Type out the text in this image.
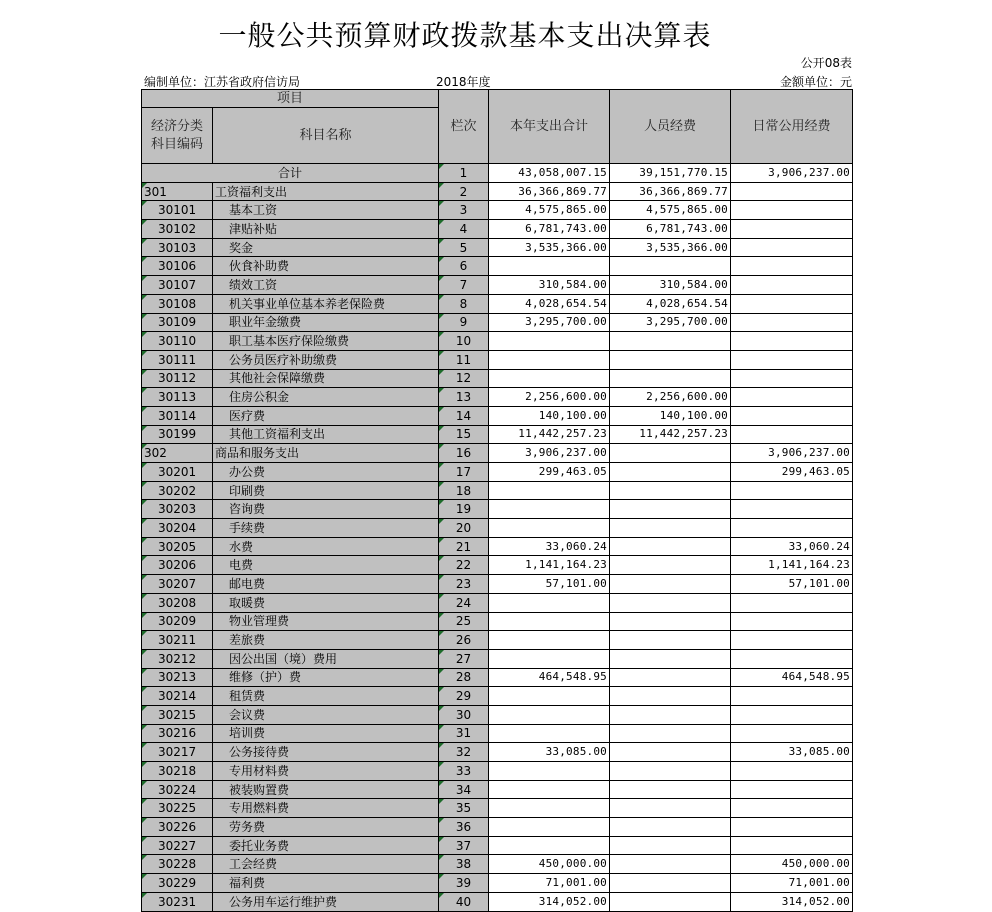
一般公共预算财政拨款基本支出决算表
公开08表
编制单位：江苏省政府信访局	2018年度	金额单位：元
项目		栏次	本年支出合计	人员经费	日常公用经费
经济分类科目编码	科目名称				
合计		1	43,058,007.15	39,151,770.15	3,906,237.00
301	工资福利支出	2	36,366,869.77	36,366,869.77	
30101	基本工资	3	4,575,865.00	4,575,865.00	
30102	津贴补贴	4	6,781,743.00	6,781,743.00	
30103	奖金	5	3,535,366.00	3,535,366.00	
30106	伙食补助费	6			
30107	绩效工资	7	310,584.00	310,584.00	
30108	机关事业单位基本养老保险费	8	4,028,654.54	4,028,654.54	
30109	职业年金缴费	9	3,295,700.00	3,295,700.00	
30110	职工基本医疗保险缴费	10			
30111	公务员医疗补助缴费	11			
30112	其他社会保障缴费	12			
30113	住房公积金	13	2,256,600.00	2,256,600.00	
30114	医疗费	14	140,100.00	140,100.00	
30199	其他工资福利支出	15	11,442,257.23	11,442,257.23	
302	商品和服务支出	16	3,906,237.00		3,906,237.00
30201	办公费	17	299,463.05		299,463.05
30202	印刷费	18			
30203	咨询费	19			
30204	手续费	20			
30205	水费	21	33,060.24		33,060.24
30206	电费	22	1,141,164.23		1,141,164.23
30207	邮电费	23	57,101.00		57,101.00
30208	取暖费	24			
30209	物业管理费	25			
30211	差旅费	26			
30212	因公出国（境）费用	27			
30213	维修（护）费	28	464,548.95		464,548.95
30214	租赁费	29			
30215	会议费	30			
30216	培训费	31			
30217	公务接待费	32	33,085.00		33,085.00
30218	专用材料费	33			
30224	被装购置费	34			
30225	专用燃料费	35			
30226	劳务费	36			
30227	委托业务费	37			
30228	工会经费	38	450,000.00		450,000.00
30229	福利费	39	71,001.00		71,001.00
30231	公务用车运行维护费	40	314,052.00		314,052.00
